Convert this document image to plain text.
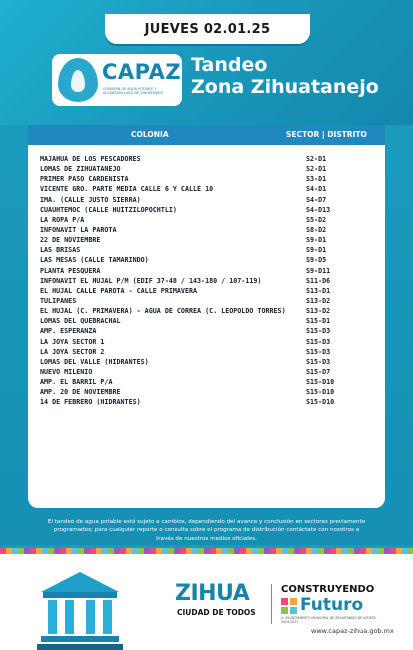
JUEVES 02.01.25
CAPAZ
COMISIÓN DE AGUA POTABLE Y ALCANTARILLADO DE ZIHUATANEJO
Tandeo
Zona Zihuatanejo
COLONIA	SECTOR | DISTRITO
MAJAHUA DE LOS PESCADORES	S2-D1
LOMAS DE ZIHUATANEJO	S2-D1
PRIMER PASO CARDENISTA	S3-D1
VICENTE GRO. PARTE MEDIA CALLE 6 Y CALLE 10	S4-D1
IMA. (CALLE JUSTO SIERRA)	S4-D7
CUAUHTEMOC (CALLE HUITZILOPOCHTLI)	S4-D13
LA ROPA P/A	S5-D2
INFONAVIT LA PAROTA	S8-D2
22 DE NOVIEMBRE	S9-D1
LAS BRISAS	S9-D1
LAS MESAS (CALLE TAMARINDO)	S9-D5
PLANTA PESQUERA	S9-D11
INFONAVIT EL HUJAL P/M (EDIF 37-48 / 143-180 / 107-119)	S11-D6
EL HUJAL CALLE PAROTA - CALLE PRIMAVERA	S13-D1
TULIPANES	S13-D2
EL HUJAL (C. PRIMAVERA) - AGUA DE CORREA (C. LEOPOLDO TORRES)	S13-D2
LOMAS DEL QUEBRACHAL	S15-D1
AMP. ESPERANZA	S15-D3
LA JOYA SECTOR 1	S15-D3
LA JOYA SECTOR 2	S15-D3
LOMAS DEL VALLE (HIDRANTES)	S15-D3
NUEVO MILENIO	S15-D7
AMP. EL BARRIL P/A	S15-D10
AMP. 20 DE NOVIEMBRE	S15-D10
14 DE FEBRERO (HIDRANTES)	S15-D10
El tandeo de agua potable está sujeto a cambios, dependiendo del avance y conclusión en sectores previamente
programados; para cualquier reporte o consulta sobre el programa de distribución contáctate con nosotros a
través de nuestros medios oficiales.
ZIHUA
CIUDAD DE TODOS
CONSTRUYENDO
Futuro
H. AYUNTAMIENTO MUNICIPAL DE ZIHUATANEJO DE AZUETA · 2024-2027
www.capaz-zihua.gob.mx
